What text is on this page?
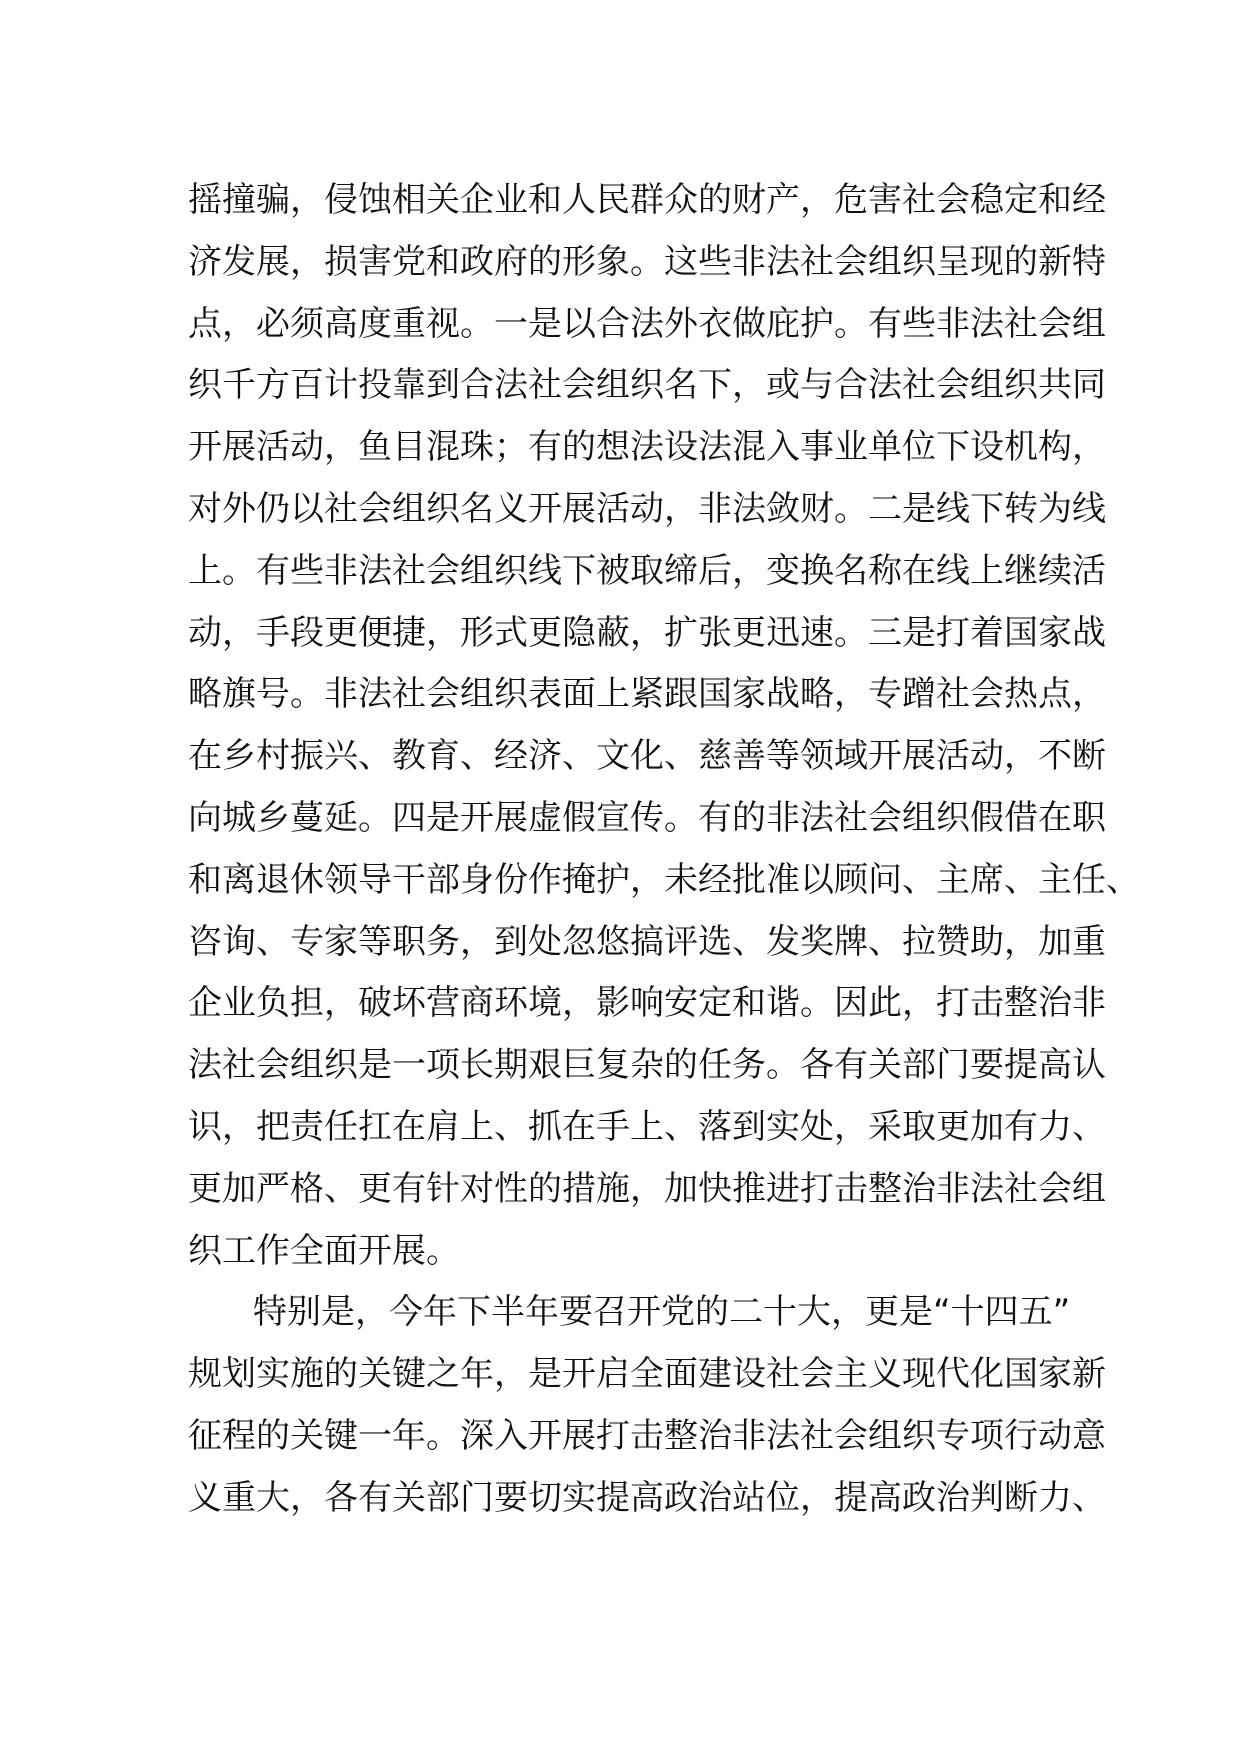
摇撞骗，侵蚀相关企业和人民群众的财产，危害社会稳定和经
济发展，损害党和政府的形象。这些非法社会组织呈现的新特
点，必须高度重视。一是以合法外衣做庇护。有些非法社会组
织千方百计投靠到合法社会组织名下，或与合法社会组织共同
开展活动，鱼目混珠；有的想法设法混入事业单位下设机构，
对外仍以社会组织名义开展活动，非法敛财。二是线下转为线
上。有些非法社会组织线下被取缔后，变换名称在线上继续活
动，手段更便捷，形式更隐蔽，扩张更迅速。三是打着国家战
略旗号。非法社会组织表面上紧跟国家战略，专蹭社会热点，
在乡村振兴、教育、经济、文化、慈善等领域开展活动，不断
向城乡蔓延。四是开展虚假宣传。有的非法社会组织假借在职
和离退休领导干部身份作掩护，未经批准以顾问、主席、主任、
咨询、专家等职务，到处忽悠搞评选、发奖牌、拉赞助，加重
企业负担，破坏营商环境，影响安定和谐。因此，打击整治非
法社会组织是一项长期艰巨复杂的任务。各有关部门要提高认
识，把责任扛在肩上、抓在手上、落到实处，采取更加有力、
更加严格、更有针对性的措施，加快推进打击整治非法社会组
织工作全面开展。
特别是，今年下半年要召开党的二十大，更是“十四五”
规划实施的关键之年，是开启全面建设社会主义现代化国家新
征程的关键一年。深入开展打击整治非法社会组织专项行动意
义重大，各有关部门要切实提高政治站位，提高政治判断力、
